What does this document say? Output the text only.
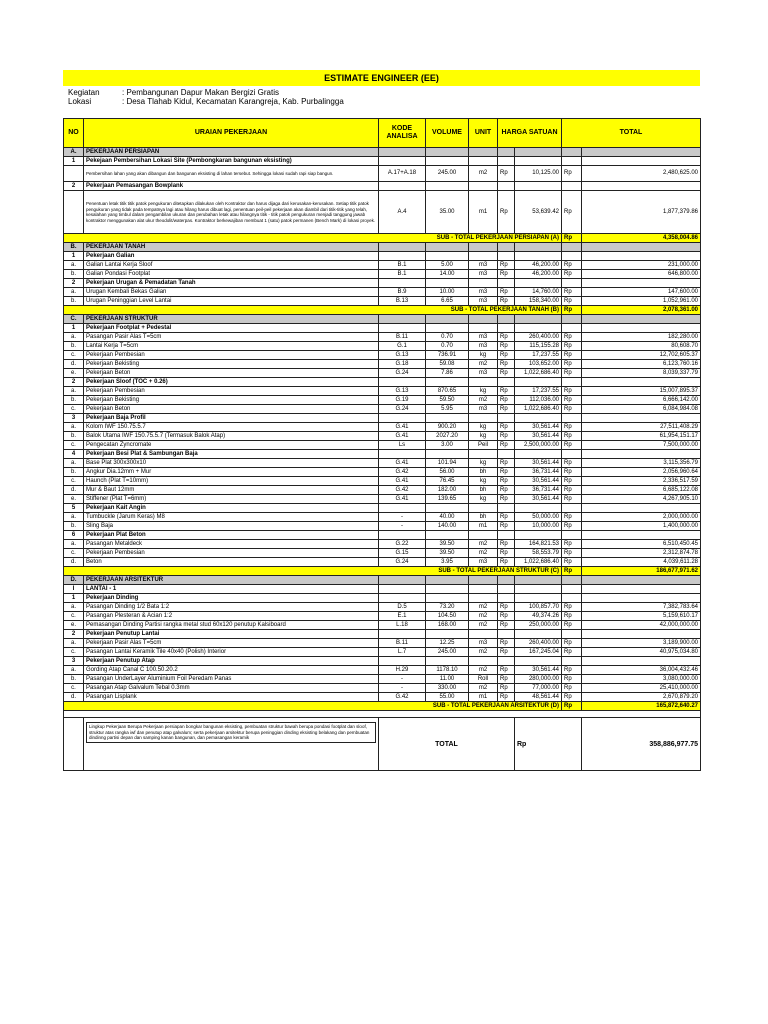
ESTIMATE ENGINEER (EE)
Kegiatan	: Pembangunan Dapur Makan Bergizi Gratis
Lokasi	: Desa Tlahab Kidul, Kecamatan Karangreja, Kab. Purbalingga
NO	URAIAN PEKERJAAN	KODE ANALISA	VOLUME	UNIT	HARGA SATUAN		TOTAL	
A.	PEKERJAAN PERSIAPAN							
1	Pekejaan Pembersihan Lokasi Site (Pembongkaran bangunan eksisting)							
	Pembersihan lahan yang akan dibangun dan bangunan eksisting di lahan tersebut. Sehingga lokasi sudah rapi siap bangun.	A.17+A.18	245.00	m2	Rp	10,125.00	Rp	2,480,625.00
2	Pekerjaan Pemasangan Bowplank							
	Penentuan letak titik titik patok pengukuran ditetapkan dilakukan oleh Kontraktor dan harus dijaga dari kerusakan-kerusakan. Setiap titik patok pengukuran yang tidak pada tempatnya lagi atau hilang harus dibuat lagi, penentuan peil-peil pekerjaan akan diambil dari titik-titik yang telah, kesalahan yang timbul dalam pengambilan ukuran dan perubahan letak atau hilangnya titik - titik patok pengukuran menjadi tanggung jawab kontraktor menggunakan alat ukur theodolit/waterpas. Kontraktor berkewajiban membuat 1 (satu) patok permanen (Bench Mark) di lokasi proyek.	A.4	35.00	m1	Rp	53,639.42	Rp	1,877,379.86
SUB - TOTAL PEKERJAAN PERSIAPAN (A)							Rp	4,358,004.86
B.	PEKERJAAN TANAH							
1	Pekerjaan Galian							
a.	Galian Lantai Kerja Sloof	B.1	5.00	m3	Rp	46,200.00	Rp	231,000.00
b.	Galian Pondasi Footplat	B.1	14.00	m3	Rp	46,200.00	Rp	646,800.00
2	Pekerjaan Urugan & Pemadatan Tanah							
a.	Urugan Kembali Bekas Galian	B.9	10.00	m3	Rp	14,760.00	Rp	147,600.00
b.	Urugan Peninggian Level Lantai	B.13	6.65	m3	Rp	158,340.00	Rp	1,052,961.00
SUB - TOTAL PEKERJAAN TANAH (B)							Rp	2,078,361.00
C.	PEKERJAAN STRUKTUR							
1	Pekerjaan Footplat + Pedestal							
a.	Pasangan Pasir Alas T=5cm	B.11	0.70	m3	Rp	260,400.00	Rp	182,280.00
b.	Lantai Kerja T=5cm	G.1	0.70	m3	Rp	115,155.28	Rp	80,608.70
c.	Pekerjaan Pembesian	G.13	736.91	kg	Rp	17,237.55	Rp	12,702,605.37
d.	Pekerjaan Bekisting	G.18	59.08	m2	Rp	103,652.00	Rp	6,123,760.16
e.	Pekerjaan Beton	G.24	7.86	m3	Rp	1,022,686.40	Rp	8,039,337.79
2	Pekerjaan Sloof (TOC + 0.26)							
a.	Pekerjaan Pembesian	G.13	870.65	kg	Rp	17,237.55	Rp	15,007,895.37
b.	Pekerjaan Bekisting	G.19	59.50	m2	Rp	112,036.00	Rp	6,666,142.00
c.	Pekerjaan Beton	G.24	5.95	m3	Rp	1,022,686.40	Rp	6,084,984.08
3	Pekerjaan Baja Profil							
a.	Kolom IWF 150.75.5.7	G.41	900.20	kg	Rp	30,561.44	Rp	27,511,408.29
b.	Balok Utama IWF 150.75.5.7 (Termasuk Balok Atap)	G.41	2027.20	kg	Rp	30,561.44	Rp	61,954,151.17
c.	Pengecatan Zyncromate	Ls	3.00	Peil	Rp	2,500,000.00	Rp	7,500,000.00
4	Pekerjaan Besi Plat & Sambungan Baja							
a.	Base Plat 300x300x10	G.41	101.94	kg	Rp	30,561.44	Rp	3,115,356.79
b.	Angkur Dia.12mm + Mur	G.42	56.00	bh	Rp	36,731.44	Rp	2,056,960.64
c.	Haunch (Plat T=10mm)	G.41	76.45	kg	Rp	30,561.44	Rp	2,336,517.59
d.	Mur & Baut 12mm	G.42	182.00	bh	Rp	36,731.44	Rp	6,685,122.08
e.	Stiffener (Plat T=6mm)	G.41	139.65	kg	Rp	30,561.44	Rp	4,267,905.10
5	Pekerjaan Kait Angin							
a.	Tumbuckle (Jarum Keras) M8	-	40.00	bh	Rp	50,000.00	Rp	2,000,000.00
b.	Sling Baja	-	140.00	m1	Rp	10,000.00	Rp	1,400,000.00
6	Pekerjaan Plat Beton							
a.	Pasangan Metaldeck	G.22	39.50	m2	Rp	164,821.53	Rp	6,510,450.45
c.	Pekerjaan Pembesian	G.15	39.50	m2	Rp	58,553.79	Rp	2,312,874.78
d.	Beton	G.24	3.95	m3	Rp	1,022,686.40	Rp	4,039,611.28
SUB - TOTAL PEKERJAAN STRUKTUR (C)							Rp	186,677,971.62
D.	PEKERJAAN ARSITEKTUR							
I	LANTAI - 1							
1	Pekerjaan Dinding							
a.	Pasangan Dinding 1/2 Bata 1:2	D.5	73.20	m2	Rp	100,857.70	Rp	7,382,783.64
c.	Pasangan Plesteran & Acian 1:2	E.1	104.50	m2	Rp	49,374.26	Rp	5,159,610.17
e.	Pemasangan Dinding Partisi rangka metal stud 60x120 penutup Kalsiboard	L.18	168.00	m2	Rp	250,000.00	Rp	42,000,000.00
2	Pekerjaan Penutup Lantai							
a.	Pekerjaan Pasir Alas T=5cm	B.11	12.25	m3	Rp	260,400.00	Rp	3,189,900.00
c.	Pasangan Lantai Keramik Tile 40x40 (Polish) Interior	L.7	245.00	m2	Rp	167,245.04	Rp	40,975,034.80
3	Pekerjaan Penutup Atap							
a.	Gording Atap Canal C 100.50.20.2	H.29	1178.10	m2	Rp	30,561.44	Rp	36,004,432.46
b.	Pasangan UnderLayer Aluminium Foil Peredam Panas	-	11.00	Roll	Rp	280,000.00	Rp	3,080,000.00
c.	Pasangan Atap Galvalum Tebal 0.3mm	-	330.00	m2	Rp	77,000.00	Rp	25,410,000.00
d.	Pasangan Lisplank	G.42	55.00	m1	Rp	48,561.44	Rp	2,670,879.20
SUB - TOTAL PEKERJAAN ARSITEKTUR (D)							Rp	165,872,640.27

	Lingkup Pekerjaan Berupa Pekerjaan persiapan bongkar bangunan eksisting, pembuatan struktur bawah berupa pondasi footplat dan sloof, struktur atas rangka iwf dan penutup atap galvalum; serta pekerjaan arsitektur berupa peninggian dinding eksisting belakang dan pembuatan dindinng partisi depan dan samping kanan bangunan, dan pemasangan keramik	TOTAL				Rp		358,886,977.75
